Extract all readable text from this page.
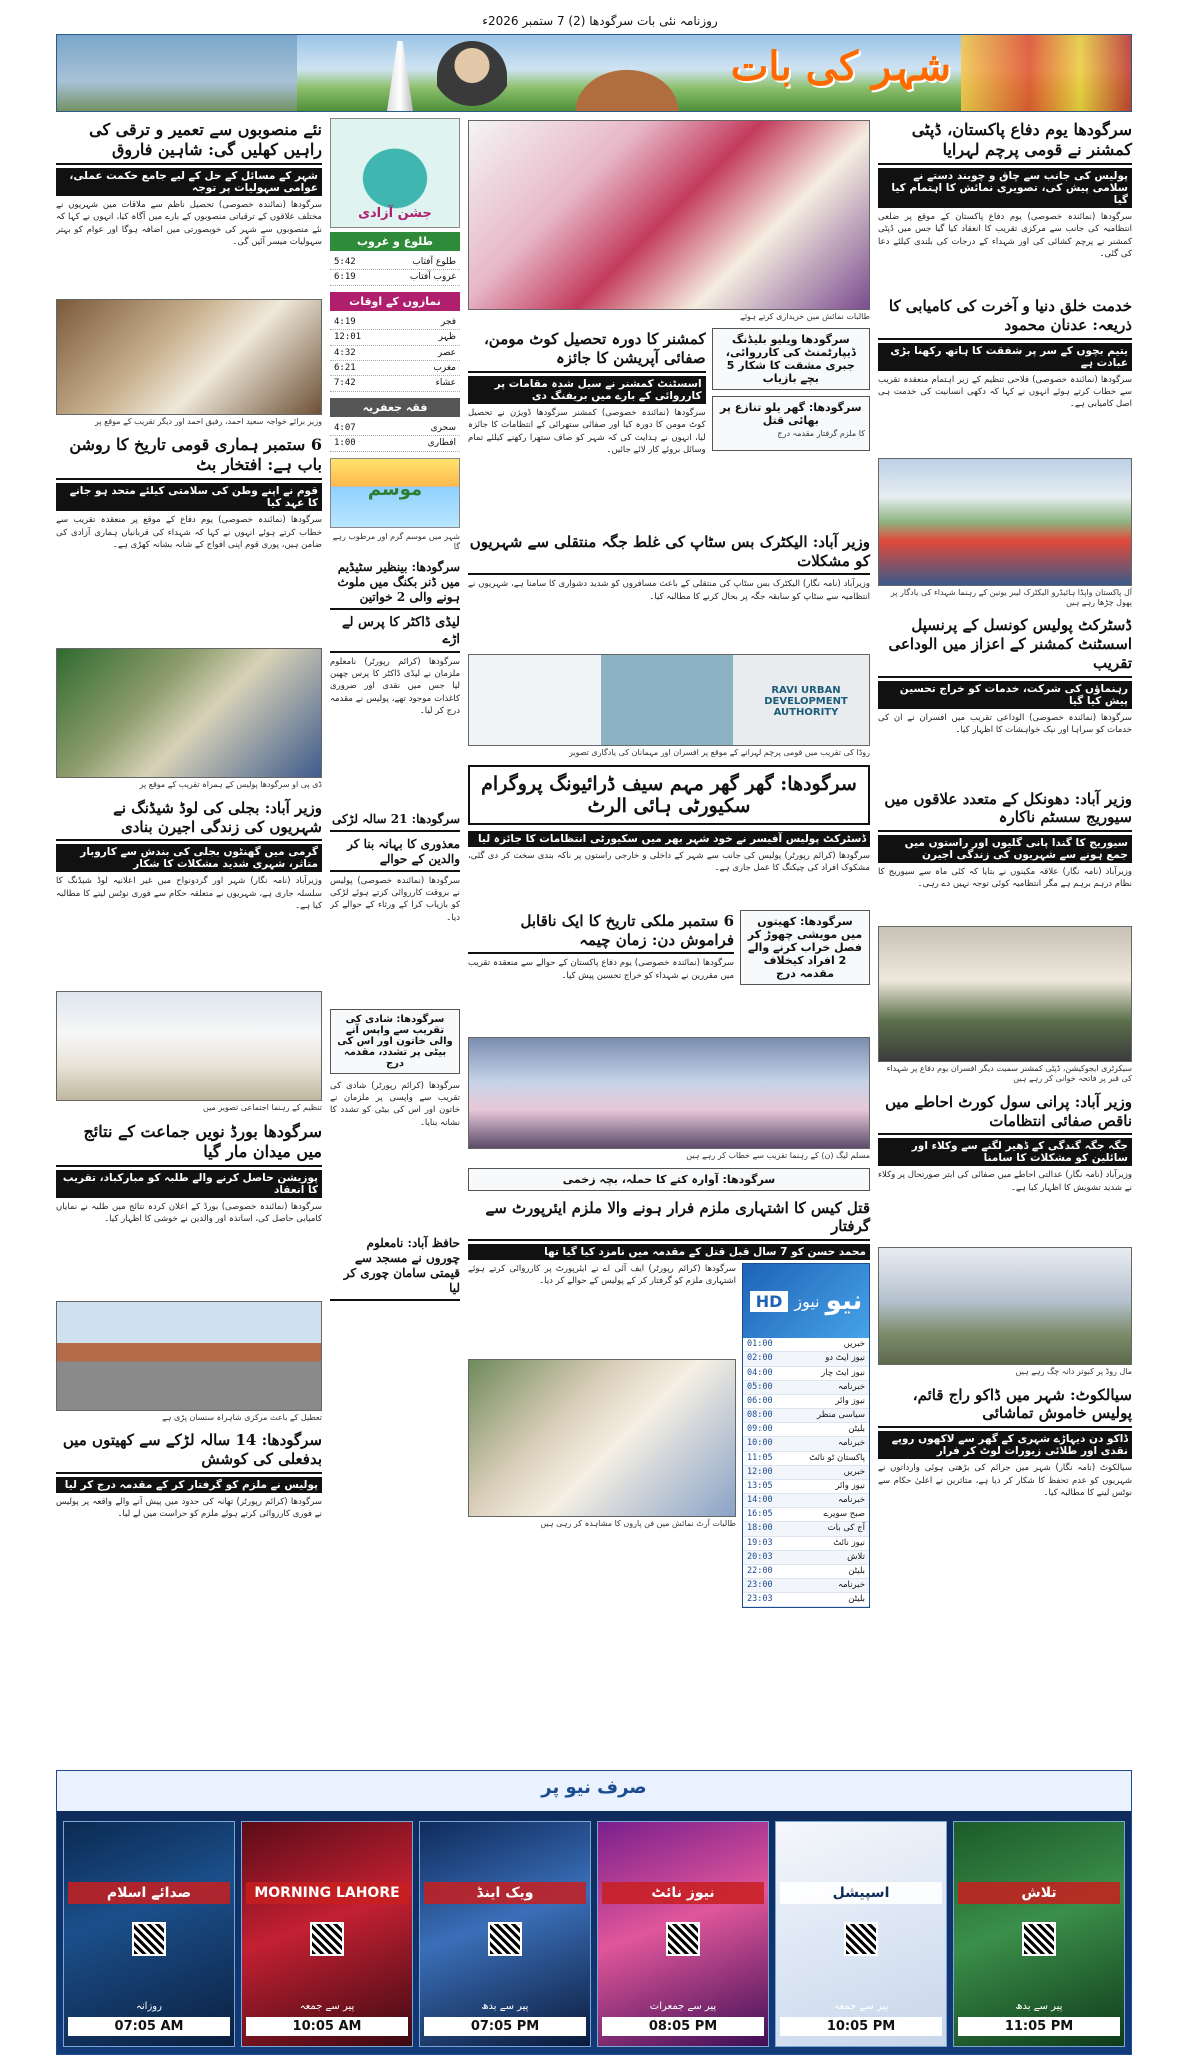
روزنامہ نئی بات سرگودھا (2) 7 ستمبر 2026ء
شہر کی بات
سرگودھا یوم دفاع پاکستان، ڈپٹی کمشنر نے قومی پرچم لہرایا
پولیس کی جانب سے چاق و چوبند دستے نے سلامی پیش کی، تصویری نمائش کا اہتمام کیا گیا
سرگودھا (نمائندہ خصوصی) یوم دفاع پاکستان کے موقع پر ضلعی انتظامیہ کی جانب سے مرکزی تقریب کا انعقاد کیا گیا جس میں ڈپٹی کمشنر نے پرچم کشائی کی اور شہداء کے درجات کی بلندی کیلئے دعا کی گئی۔
خدمت خلق دنیا و آخرت کی کامیابی کا ذریعہ: عدنان محمود
یتیم بچوں کے سر پر شفقت کا ہاتھ رکھنا بڑی عبادت ہے
سرگودھا (نمائندہ خصوصی) فلاحی تنظیم کے زیر اہتمام منعقدہ تقریب سے خطاب کرتے ہوئے انہوں نے کہا کہ دکھی انسانیت کی خدمت ہی اصل کامیابی ہے۔
آل پاکستان واپڈا ہائیڈرو الیکٹرک لیبر یونین کے رہنما شہداء کی یادگار پر پھول چڑھا رہے ہیں
ڈسٹرکٹ پولیس کونسل کے پرنسپل اسسٹنٹ کمشنر کے اعزاز میں الوداعی تقریب
رہنماؤں کی شرکت، خدمات کو خراج تحسین پیش کیا گیا
سرگودھا (نمائندہ خصوصی) الوداعی تقریب میں افسران نے ان کی خدمات کو سراہا اور نیک خواہشات کا اظہار کیا۔
وزیر آباد: دھونکل کے متعدد علاقوں میں سیوریج سسٹم ناکارہ
سیوریج کا گندا پانی گلیوں اور راستوں میں جمع ہونے سے شہریوں کی زندگی اجیرن
وزیرآباد (نامہ نگار) علاقہ مکینوں نے بتایا کہ کئی ماہ سے سیوریج کا نظام درہم برہم ہے مگر انتظامیہ کوئی توجہ نہیں دے رہی۔
سیکرٹری ایجوکیشن، ڈپٹی کمشنر سمیت دیگر افسران یوم دفاع پر شہداء کی قبر پر فاتحہ خوانی کر رہے ہیں
وزیر آباد: پرانی سول کورٹ احاطے میں ناقص صفائی انتظامات
جگہ جگہ گندگی کے ڈھیر لگنے سے وکلاء اور سائلین کو مشکلات کا سامنا
وزیرآباد (نامہ نگار) عدالتی احاطے میں صفائی کی ابتر صورتحال پر وکلاء نے شدید تشویش کا اظہار کیا ہے۔
مال روڈ پر کبوتر دانہ چگ رہے ہیں
سیالکوٹ: شہر میں ڈاکو راج قائم، پولیس خاموش تماشائی
ڈاکو دن دیہاڑے شہری کے گھر سے لاکھوں روپے نقدی اور طلائی زیورات لوٹ کر فرار
سیالکوٹ (نامہ نگار) شہر میں جرائم کی بڑھتی ہوئی وارداتوں نے شہریوں کو عدم تحفظ کا شکار کر دیا ہے، متاثرین نے اعلیٰ حکام سے نوٹس لینے کا مطالبہ کیا۔
طالبات نمائش میں خریداری کرتے ہوئے
کمشنر کا دورہ تحصیل کوٹ مومن، صفائی آپریشن کا جائزہ
اسسٹنٹ کمشنر نے سیل شدہ مقامات پر کارروائی کے بارے میں بریفنگ دی
سرگودھا (نمائندہ خصوصی) کمشنر سرگودھا ڈویژن نے تحصیل کوٹ مومن کا دورہ کیا اور صفائی ستھرائی کے انتظامات کا جائزہ لیا، انہوں نے ہدایت کی کہ شہر کو صاف ستھرا رکھنے کیلئے تمام وسائل بروئے کار لائے جائیں۔
سرگودھا ویلیو بلیڈنگ ڈیپارٹمنٹ کی کارروائی، جبری مشقت کا شکار 5 بچے بازیاب
سرگودھا: گھر یلو تنازع پر بھائی قتل
کا ملزم گرفتار مقدمہ درج
وزیر آباد: الیکٹرک بس سٹاپ کی غلط جگہ منتقلی سے شہریوں کو مشکلات
وزیرآباد (نامہ نگار) الیکٹرک بس سٹاپ کی منتقلی کے باعث مسافروں کو شدید دشواری کا سامنا ہے، شہریوں نے انتظامیہ سے سٹاپ کو سابقہ جگہ پر بحال کرنے کا مطالبہ کیا۔
RAVI URBAN DEVELOPMENT AUTHORITY
روڈا کی تقریب میں قومی پرچم لہرانے کے موقع پر افسران اور مہمانان کی یادگاری تصویر
سرگودھا: گھر گھر مہم سیف ڈرائیونگ پروگرام سکیورٹی ہائی الرٹ
ڈسٹرکٹ پولیس آفیسر نے خود شہر بھر میں سکیورٹی انتظامات کا جائزہ لیا
سرگودھا (کرائم رپورٹر) پولیس کی جانب سے شہر کے داخلی و خارجی راستوں پر ناکہ بندی سخت کر دی گئی، مشکوک افراد کی چیکنگ کا عمل جاری ہے۔
6 ستمبر ملکی تاریخ کا ایک ناقابل فراموش دن: زمان چیمہ
سرگودھا (نمائندہ خصوصی) یوم دفاع پاکستان کے حوالے سے منعقدہ تقریب میں مقررین نے شہداء کو خراج تحسین پیش کیا۔
سرگودھا: کھیتوں میں مویشی چھوڑ کر فصل خراب کرنے والے 2 افراد کیخلاف مقدمہ درج
مسلم لیگ (ن) کے رہنما تقریب سے خطاب کر رہے ہیں
سرگودھا: آوارہ کتے کا حملہ، بچہ زخمی
قتل کیس کا اشتہاری ملزم فرار ہونے والا ملزم ایئرپورٹ سے گرفتار
محمد حسن کو 7 سال قبل قتل کے مقدمہ میں نامزد کیا گیا تھا
سرگودھا (کرائم رپورٹر) ایف آئی اے نے ایئرپورٹ پر کارروائی کرتے ہوئے اشتہاری ملزم کو گرفتار کر کے پولیس کے حوالے کر دیا۔
طالبات آرٹ نمائش میں فن پاروں کا مشاہدہ کر رہی ہیں
نیو
نیوز
HD
خبریں
01:00
نیوز ایٹ دو
02:00
نیوز ایٹ چار
04:00
خبرنامہ
05:00
نیوز وائر
06:00
سیاسی منظر
08:00
بلیٹن
09:00
خبرنامہ
10:00
پاکستان ٹو نائٹ
11:05
خبریں
12:00
نیوز وائر
13:05
خبرنامہ
14:00
صبح سویرے
16:05
آج کی بات
18:00
نیوز نائٹ
19:03
تلاش
20:03
بلیٹن
22:00
خبرنامہ
23:00
بلیٹن
23:03
جشن آزادی
طلوع و غروب
طلوع آفتاب
5:42
غروب آفتاب
6:19
نمازوں کے اوقات
فجر
4:19
ظہر
12:01
عصر
4:32
مغرب
6:21
عشاء
7:42
فقہ جعفریہ
سحری
4:07
افطاری
1:00
موسم
شہر میں موسم گرم اور مرطوب رہے گا
سرگودھا: بینظیر سٹیڈیم میں ڈنر بکنگ میں ملوث ہونے والی 2 خواتین
لیڈی ڈاکٹر کا پرس لے اڑے
سرگودھا (کرائم رپورٹر) نامعلوم ملزمان نے لیڈی ڈاکٹر کا پرس چھین لیا جس میں نقدی اور ضروری کاغذات موجود تھے، پولیس نے مقدمہ درج کر لیا۔
سرگودھا: 21 سالہ لڑکی
معذوری کا بہانہ بنا کر والدین کے حوالے
سرگودھا (نمائندہ خصوصی) پولیس نے بروقت کارروائی کرتے ہوئے لڑکی کو بازیاب کرا کے ورثاء کے حوالے کر دیا۔
سرگودھا: شادی کی تقریب سے واپس آنے والی خاتون اور اس کی بیٹی پر تشدد، مقدمہ درج
سرگودھا (کرائم رپورٹر) شادی کی تقریب سے واپسی پر ملزمان نے خاتون اور اس کی بیٹی کو تشدد کا نشانہ بنایا۔
حافظ آباد: نامعلوم چوروں نے مسجد سے قیمتی سامان چوری کر لیا
نئے منصوبوں سے تعمیر و ترقی کی راہیں کھلیں گی: شاہین فاروق
شہر کے مسائل کے حل کے لیے جامع حکمت عملی، عوامی سہولیات پر توجہ
سرگودھا (نمائندہ خصوصی) تحصیل ناظم سے ملاقات میں شہریوں نے مختلف علاقوں کے ترقیاتی منصوبوں کے بارے میں آگاہ کیا، انہوں نے کہا کہ نئے منصوبوں سے شہر کی خوبصورتی میں اضافہ ہوگا اور عوام کو بہتر سہولیات میسر آئیں گی۔
وزیر برائے خواجہ سعید احمد، رفیق احمد اور دیگر تقریب کے موقع پر
6 ستمبر ہماری قومی تاریخ کا روشن باب ہے: افتخار بٹ
قوم نے اپنے وطن کی سلامتی کیلئے متحد ہو جانے کا عہد کیا
سرگودھا (نمائندہ خصوصی) یوم دفاع کے موقع پر منعقدہ تقریب سے خطاب کرتے ہوئے انہوں نے کہا کہ شہداء کی قربانیاں ہماری آزادی کی ضامن ہیں، پوری قوم اپنی افواج کے شانہ بشانہ کھڑی ہے۔
ڈی پی او سرگودھا پولیس کے ہمراہ تقریب کے موقع پر
وزیر آباد: بجلی کی لوڈ شیڈنگ نے شہریوں کی زندگی اجیرن بنادی
گرمی میں گھنٹوں بجلی کی بندش سے کاروبار متاثر، شہری شدید مشکلات کا شکار
وزیرآباد (نامہ نگار) شہر اور گردونواح میں غیر اعلانیہ لوڈ شیڈنگ کا سلسلہ جاری ہے، شہریوں نے متعلقہ حکام سے فوری نوٹس لینے کا مطالبہ کیا ہے۔
تنظیم کے رہنما اجتماعی تصویر میں
سرگودھا بورڈ نویں جماعت کے نتائج میں میدان مار گیا
پوزیشن حاصل کرنے والے طلبہ کو مبارکباد، تقریب کا انعقاد
سرگودھا (نمائندہ خصوصی) بورڈ کے اعلان کردہ نتائج میں طلبہ نے نمایاں کامیابی حاصل کی، اساتذہ اور والدین نے خوشی کا اظہار کیا۔
تعطیل کے باعث مرکزی شاہراہ سنسان پڑی ہے
سرگودھا: 14 سالہ لڑکے سے کھیتوں میں بدفعلی کی کوشش
پولیس نے ملزم کو گرفتار کر کے مقدمہ درج کر لیا
سرگودھا (کرائم رپورٹر) تھانہ کی حدود میں پیش آنے والے واقعہ پر پولیس نے فوری کارروائی کرتے ہوئے ملزم کو حراست میں لے لیا۔
صرف نیو پر
صدائے اسلام
روزانہ
07:05 AM
MORNING LAHORE
پیر سے جمعہ
10:05 AM
ویک اینڈ
پیر سے بدھ
07:05 PM
نیوز نائٹ
پیر سے جمعرات
08:05 PM
اسپیشل
پیر سے جمعہ
10:05 PM
تلاش
پیر سے بدھ
11:05 PM
